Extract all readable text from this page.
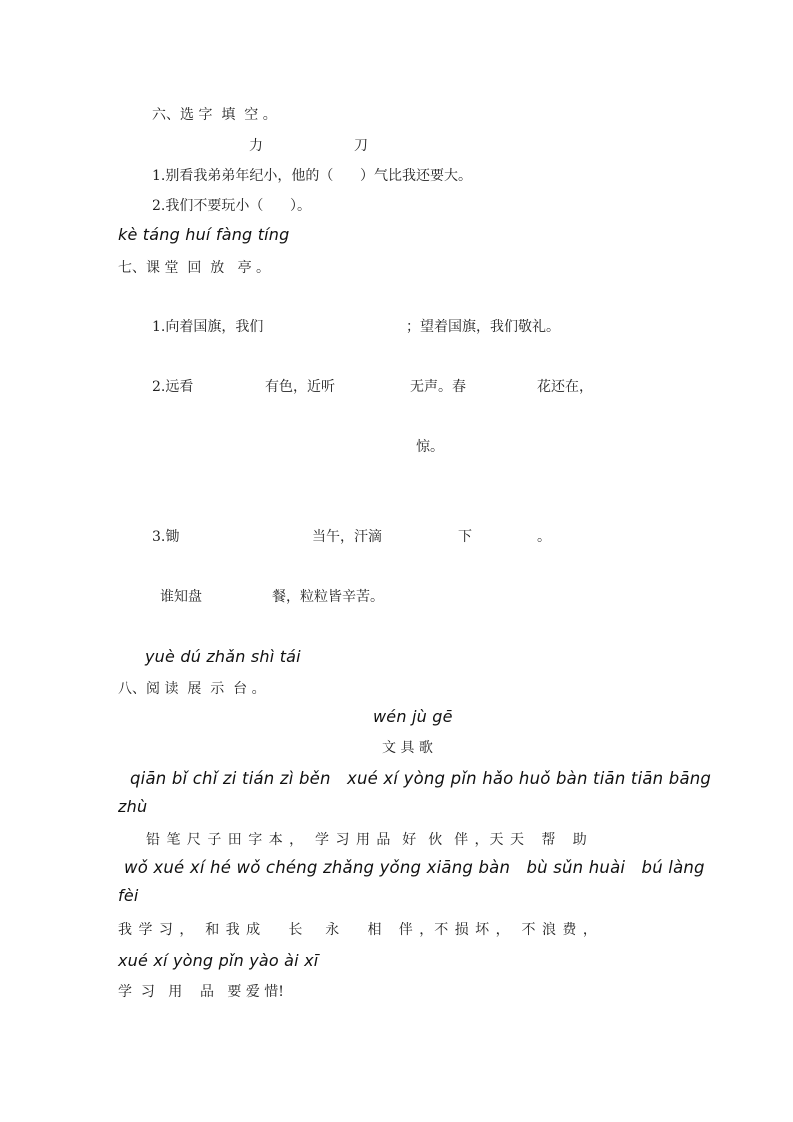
六、选 字  填  空 。
力	刀
1.别看我弟弟年纪小，他的（      ）气比我还要大。
2.我们不要玩小（      ）。
kè táng huí fàng tíng
七、课 堂  回  放   亭 。
1.向着国旗，我们	；望着国旗，我们敬礼。
2.远看	有色，近听	无声。春	花还在，
惊。
3.锄	当午，汗滴	下	。
谁知盘	餐，粒粒皆辛苦。
yuè dú zhǎn shì tái
八、阅 读  展  示  台 。
wén jù gē
文 具 歌
qiān bǐ chǐ zi tián zì běn   xué xí yòng pǐn hǎo huǒ bàn tiān tiān bāng
zhù
铅 笔 尺 子 田 字 本 ，  学 习 用 品  好  伙  伴 ，天 天   帮   助
wǒ xué xí hé wǒ chéng zhǎng yǒng xiāng bàn   bù sǔn huài   bú làng
fèi
我 学 习 ，  和 我 成     长    永     相   伴 ，不 损 坏 ，  不 浪 费 ，
xué xí yòng pǐn yào ài xī
学  习   用    品   要 爱 惜!
